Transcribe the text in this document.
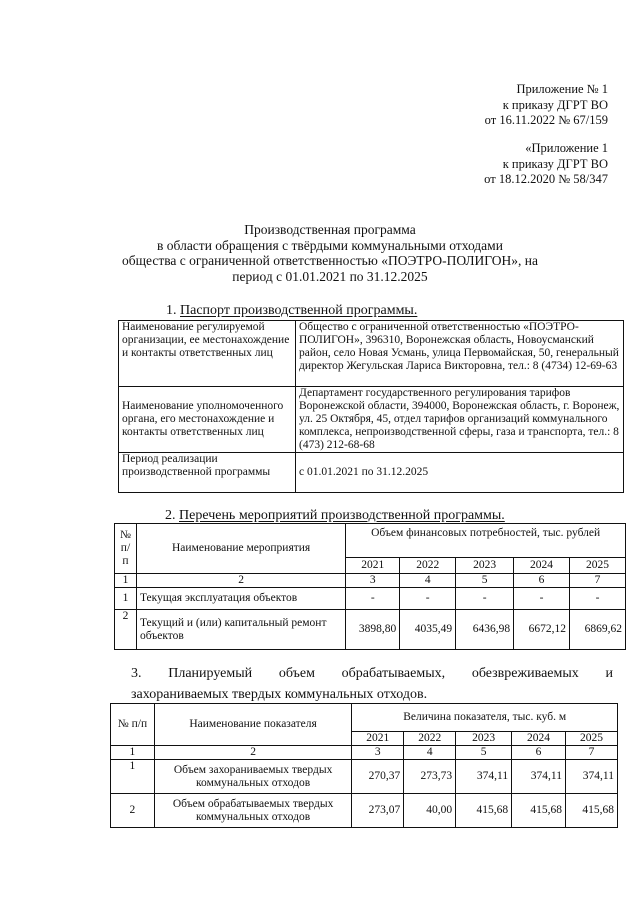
Приложение № 1
к приказу ДГРТ ВО
от 16.11.2022 № 67/159
«Приложение 1
к приказу ДГРТ ВО
от 18.12.2020 № 58/347
Производственная программа
в области обращения с твёрдыми коммунальными отходами
общества с ограниченной ответственностью «ПОЭТРО-ПОЛИГОН», на
период с 01.01.2021 по 31.12.2025
1. Паспорт производственной программы.
Наименование регулируемой организации, ее местонахождение и контакты ответственных лиц	Общество с ограниченной ответственностью «ПОЭТРО-ПОЛИГОН», 396310, Воронежская область, Новоусманский район, село Новая Усмань, улица Первомайская, 50, генеральный директор Жегульская Лариса Викторовна, тел.: 8 (4734) 12-69-63
Наименование уполномоченного органа, его местонахождение и контакты ответственных лиц	Департамент государственного регулирования тарифов Воронежской области, 394000, Воронежская область, г. Воронеж, ул. 25 Октября, 45, отдел тарифов организаций коммунального комплекса, непроизводственной сферы, газа и транспорта, тел.: 8 (473) 212-68-68
Период реализации производственной программы	с 01.01.2021 по 31.12.2025
2. Перечень мероприятий производственной программы.
№ п/ п	Наименование мероприятия	Объем финансовых потребностей, тыс. рублей				
		2021	2022	2023	2024	2025
1	2	3	4	5	6	7
1	Текущая эксплуатация объектов	-	-	-	-	-
2	Текущий и (или) капитальный ремонт объектов	3898,80	4035,49	6436,98	6672,12	6869,62
3. Планируемый объем обрабатываемых, обезвреживаемых и
захораниваемых твердых коммунальных отходов.
№ п/п	Наименование показателя	Величина показателя, тыс. куб. м				
		2021	2022	2023	2024	2025
1	2	3	4	5	6	7
1	Объем захораниваемых твердых коммунальных отходов	270,37	273,73	374,11	374,11	374,11
2	Объем обрабатываемых твердых коммунальных отходов	273,07	40,00	415,68	415,68	415,68
